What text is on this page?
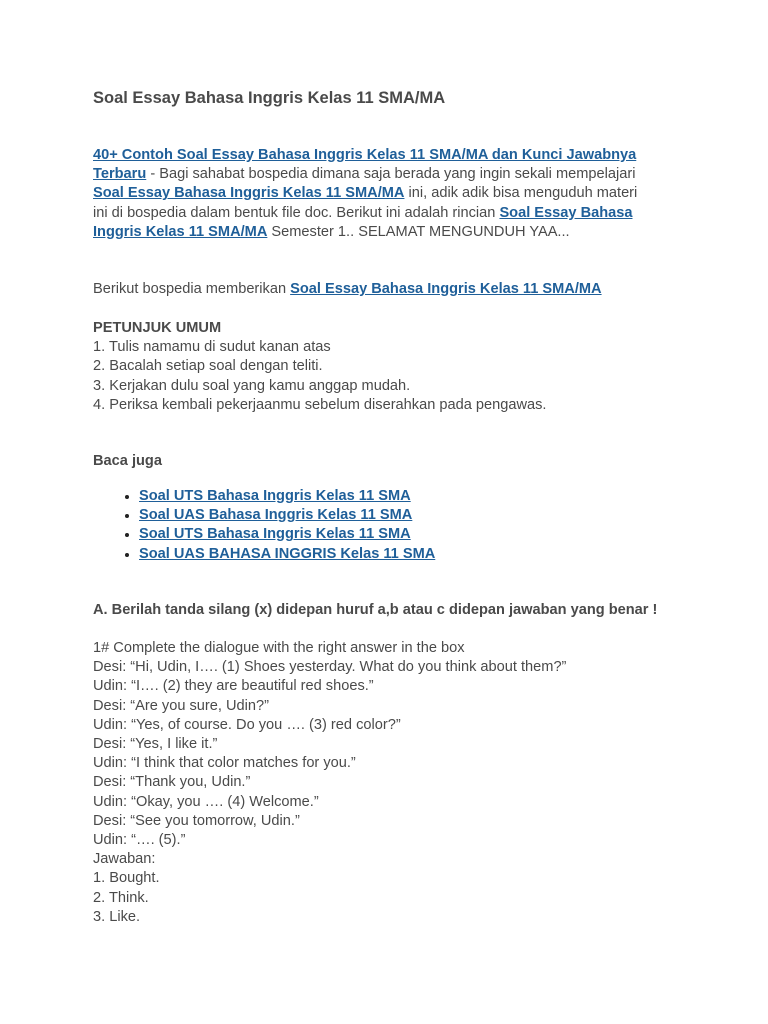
Soal Essay Bahasa Inggris Kelas 11 SMA/MA
40+ Contoh Soal Essay Bahasa Inggris Kelas 11 SMA/MA dan Kunci Jawabnya Terbaru - Bagi sahabat bospedia dimana saja berada yang ingin sekali mempelajari Soal Essay Bahasa Inggris Kelas 11 SMA/MA ini, adik adik bisa menguduh materi ini di bospedia dalam bentuk file doc. Berikut ini adalah rincian Soal Essay Bahasa Inggris Kelas 11 SMA/MA Semester 1.. SELAMAT MENGUNDUH YAA...
Berikut bospedia memberikan Soal Essay Bahasa Inggris Kelas 11 SMA/MA
PETUNJUK UMUM
1. Tulis namamu di sudut kanan atas
2. Bacalah setiap soal dengan teliti.
3. Kerjakan dulu soal yang kamu anggap mudah.
4. Periksa kembali pekerjaanmu sebelum diserahkan pada pengawas.
Baca juga
• Soal UTS Bahasa Inggris Kelas 11 SMA
• Soal UAS Bahasa Inggris Kelas 11 SMA
• Soal UTS Bahasa Inggris Kelas 11 SMA
• Soal UAS BAHASA INGGRIS Kelas 11 SMA
A. Berilah tanda silang (x) didepan huruf a,b atau c didepan jawaban yang benar !
1# Complete the dialogue with the right answer in the box
Desi: “Hi, Udin, I…. (1) Shoes yesterday. What do you think about them?”
Udin: “I…. (2) they are beautiful red shoes.”
Desi: “Are you sure, Udin?”
Udin: “Yes, of course. Do you …. (3) red color?”
Desi: “Yes, I like it.”
Udin: “I think that color matches for you.”
Desi: “Thank you, Udin.”
Udin: “Okay, you …. (4) Welcome.”
Desi: “See you tomorrow, Udin.”
Udin: “…. (5).”
Jawaban:
1. Bought.
2. Think.
3. Like.
